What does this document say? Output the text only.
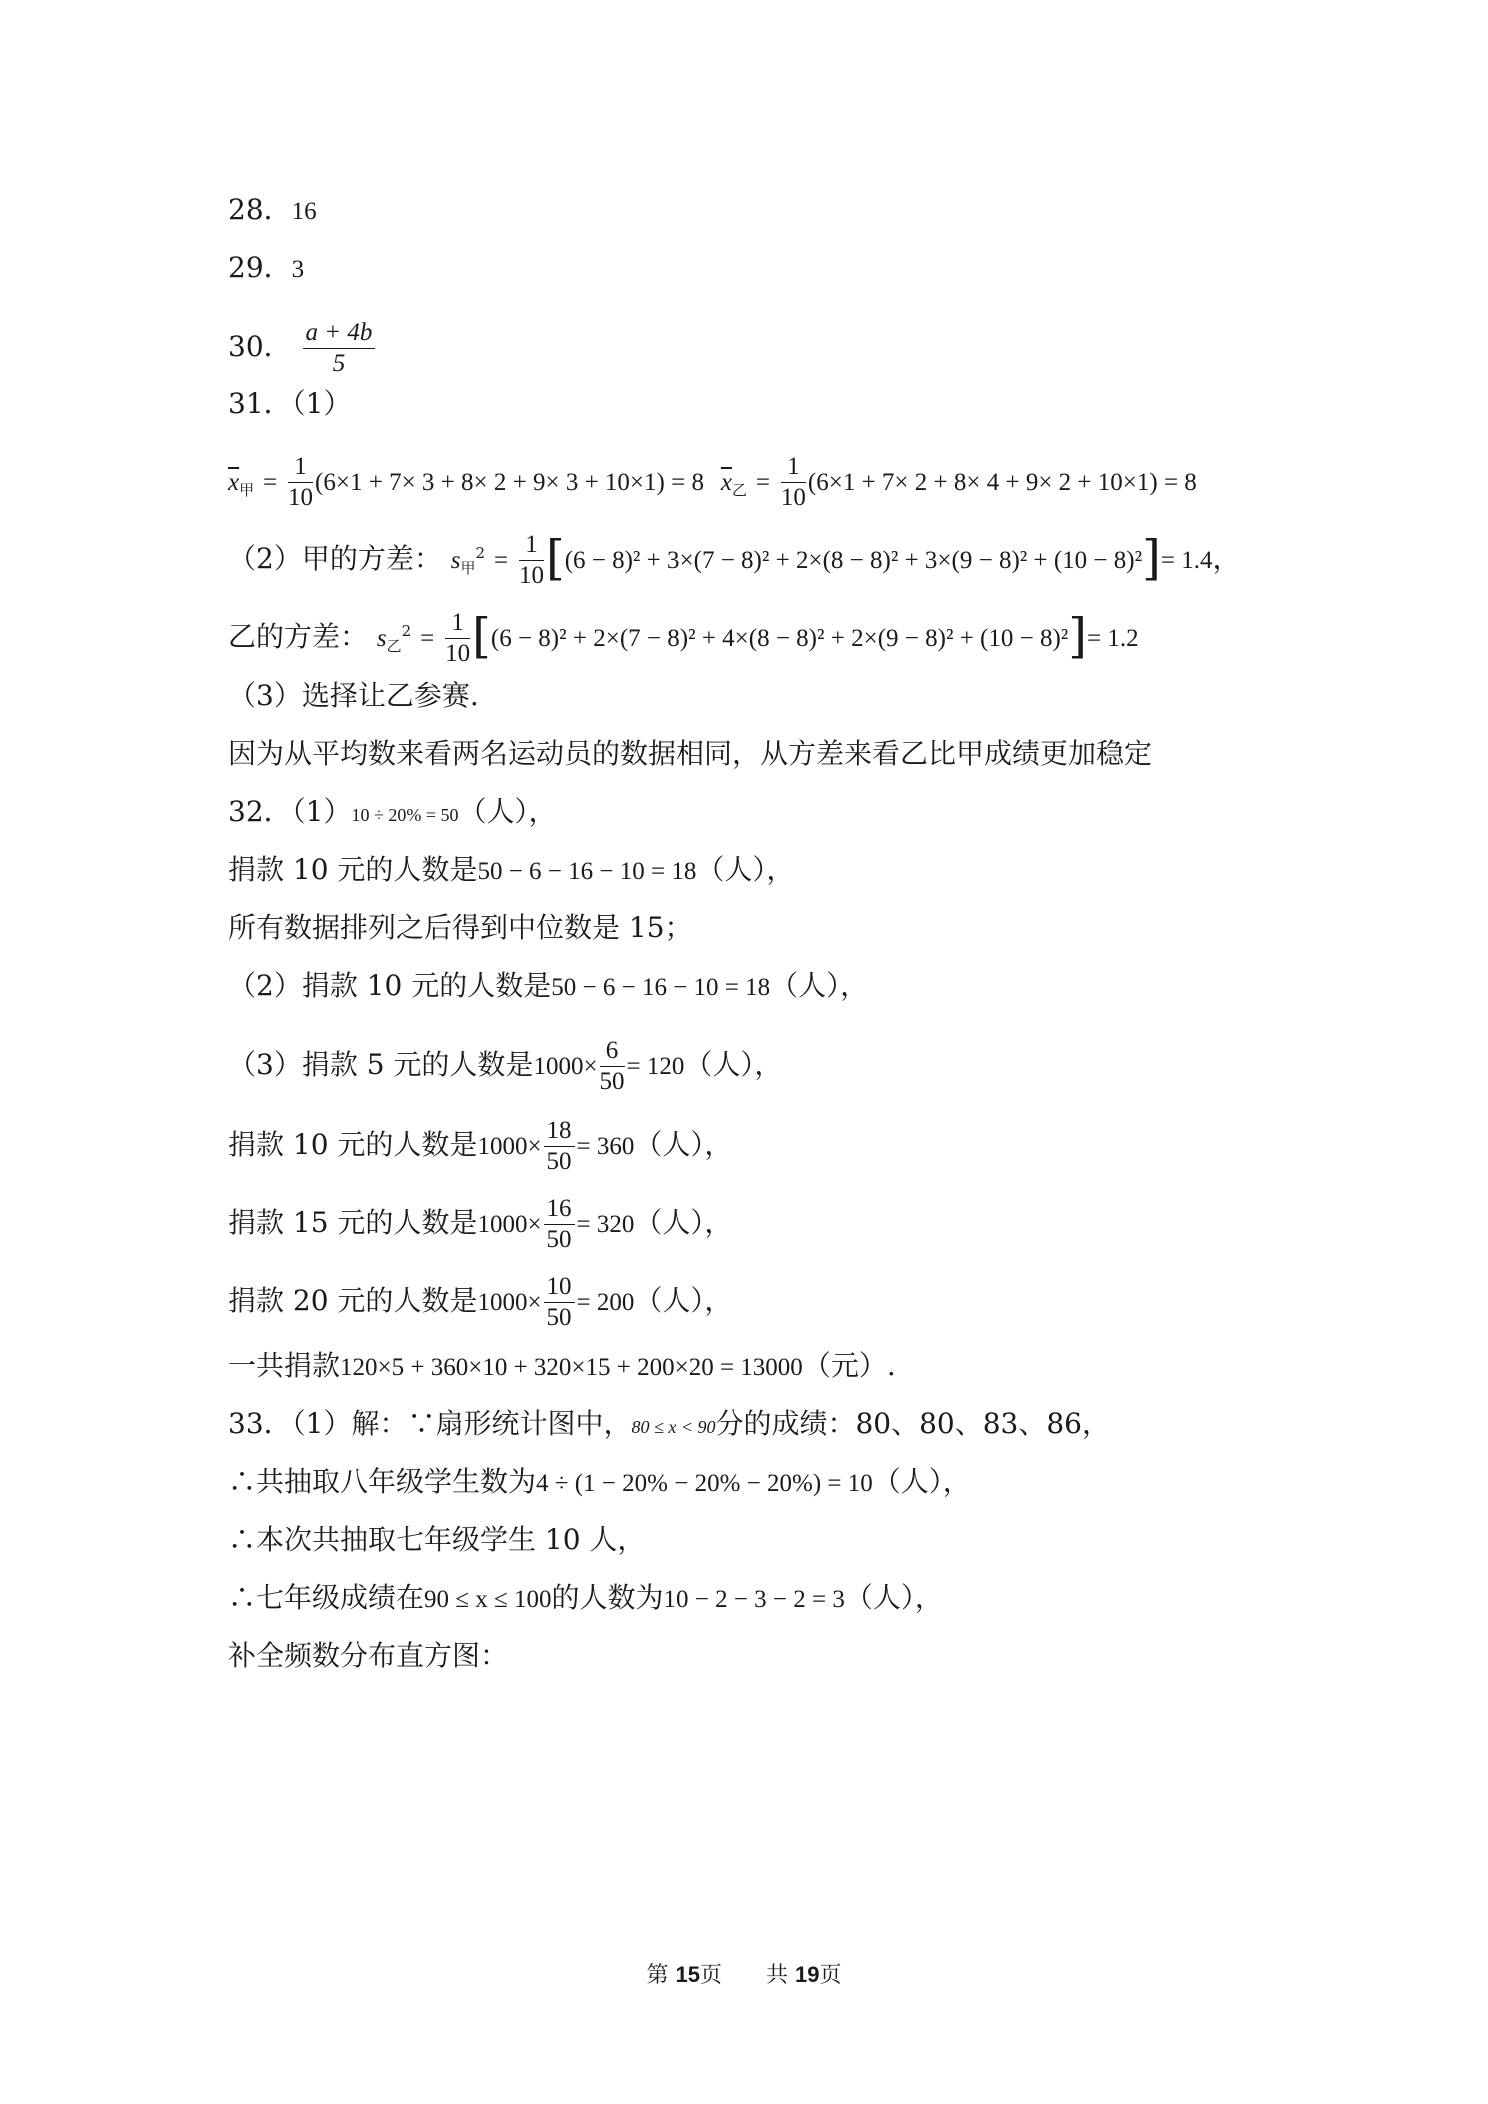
28．16
29．3
30． $\frac{a + 4b}{5}$
31．（1）
$\overline{x}_甲 = \frac{1}{10} (6\times 1 + 7\times 3 + 8\times 2 + 9\times 3 + 10\times 1) = 8$ $\overline{x}_乙 = \frac{1}{10} (6\times 1 + 7\times 2 + 8\times 4 + 9\times 2 + 10\times 1) = 8$
（2）甲的方差： $s_甲^2 = \frac{1}{10} [(6 - 8)^2 + 3\times(7 - 8)^2 + 2\times(8 - 8)^2 + 3\times(9 - 8)^2 + (10 - 8)^2]= 1.4$，
乙的方差： $s_乙^2 = \frac{1}{10} [(6 - 8)^2 + 2\times(7 - 8)^2 + 4\times(8 - 8)^2 + 2\times(9 - 8)^2 + (10 - 8)^2]= 1.2$
（3）选择让乙参赛.
因为从平均数来看两名运动员的数据相同，从方差来看乙比甲成绩更加稳定
32．（1）10 ÷ 20% = 50（人），
捐款 10 元的人数是50 − 6 − 16 − 10 = 18（人），
所有数据排列之后得到中位数是 15；
（2）捐款 10 元的人数是50 − 6 − 16 − 10 = 18（人），
（3）捐款 5 元的人数是$1000\times \frac{6}{50} = 120$（人），
捐款 10 元的人数是$1000\times \frac{18}{50} = 360$（人），
捐款 15 元的人数是$1000\times \frac{16}{50} = 320$（人），
捐款 20 元的人数是$1000\times \frac{10}{50} = 200$（人），
一共捐款120×5 + 360×10 + 320×15 + 200×20 = 13000（元）.
33．（1）解：∵扇形统计图中，80 ≤ x < 90分的成绩：80、80、83、86，
∴共抽取八年级学生数为4 ÷ (1 − 20% − 20% − 20%) = 10（人），
∴本次共抽取七年级学生 10 人，
∴七年级成绩在90 ≤ x ≤ 100的人数为10 − 2 − 3 − 2 = 3（人），
补全频数分布直方图：
第 15页　　共 19页
